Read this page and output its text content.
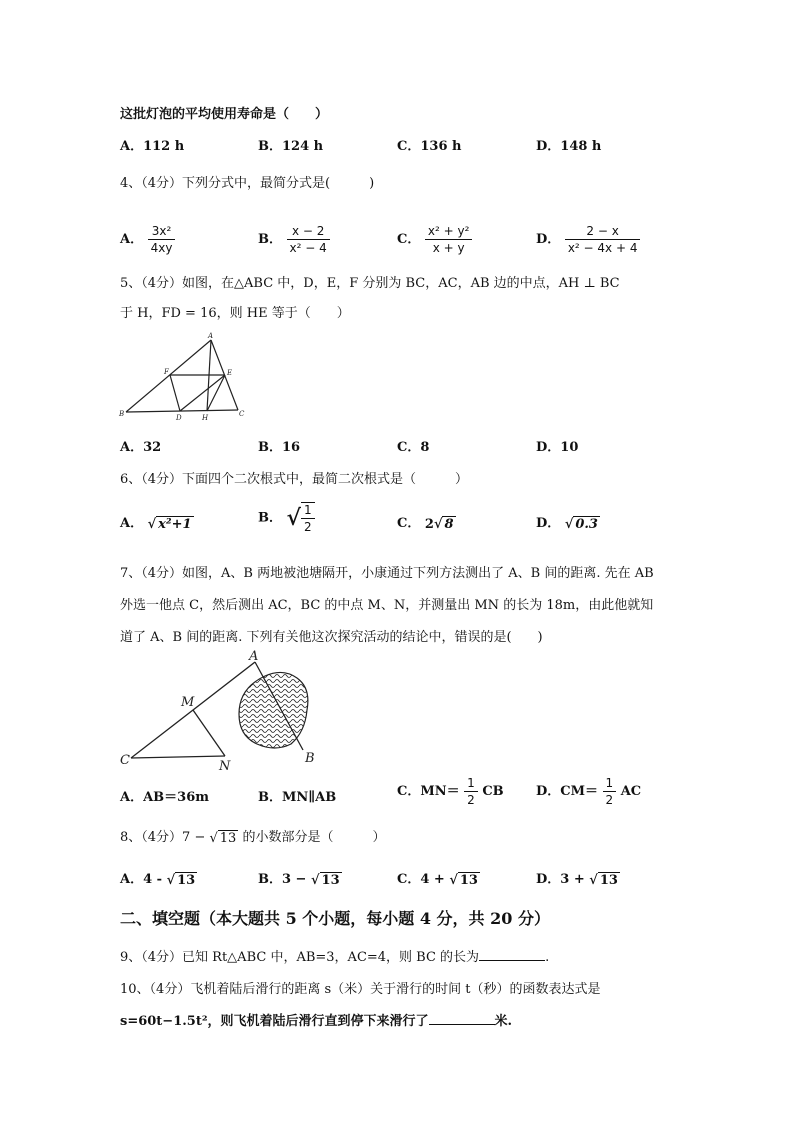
这批灯泡的平均使用寿命是（　　）
A．112 h	B．124 h	C．136 h	D．148 h
4、（4分）下列分式中，最简分式是(　　　)
A． $\frac{\text{3x²}}{4xy}$	B． $\frac{x - 2}{\text{x² − 4}}$	C． $\frac{\text{x² + y²}}{x + y}$	D． $\frac{2 - x}{\text{x² − 4x + 4}}$
5、（4分）如图，在△ABC 中，D，E，F 分别为 BC，AC，AB 边的中点，AH ⊥ BC
于 H，FD = 16，则 HE 等于（　　）
A
B	C
D
E
F
H
A．32	B．16	C．8	D．10
6、（4分）下面四个二次根式中，最简二次根式是（　　　）
A． √ x²+1	B． √ $\frac{1}{2}$	C． 2√ 8	D． √ 0.3
7、（4分）如图，A、B 两地被池塘隔开，小康通过下列方法测出了 A、B 间的距离. 先在 AB
外选一他点 C，然后测出 AC，BC 的中点 M、N，并测量出 MN 的长为 18m，由此他就知
道了 A、B 间的距离. 下列有关他这次探究活动的结论中，错误的是(　　)
A
B
C
M
N
A．AB＝36m	B．MN∥AB	C．$MN= \frac{1}{2}$ CB D．$CM= \frac{1}{2}$ AC
8、（4分）7 − √ 13 的小数部分是（　　　）
A．4 - √ 13	B．3 − √ 13	C．4 + √ 13	D．3 + √ 13
二、填空题（本大题共 5 个小题，每小题 4 分，共 20 分）
9、（4分）已知 Rt△ABC 中，AB=3，AC=4，则 BC 的长为	.
10、（4分）飞机着陆后滑行的距离 s（米）关于滑行的时间 t（秒）的函数表达式是
s=60t−1.5t²，则飞机着陆后滑行直到停下来滑行了	米.
